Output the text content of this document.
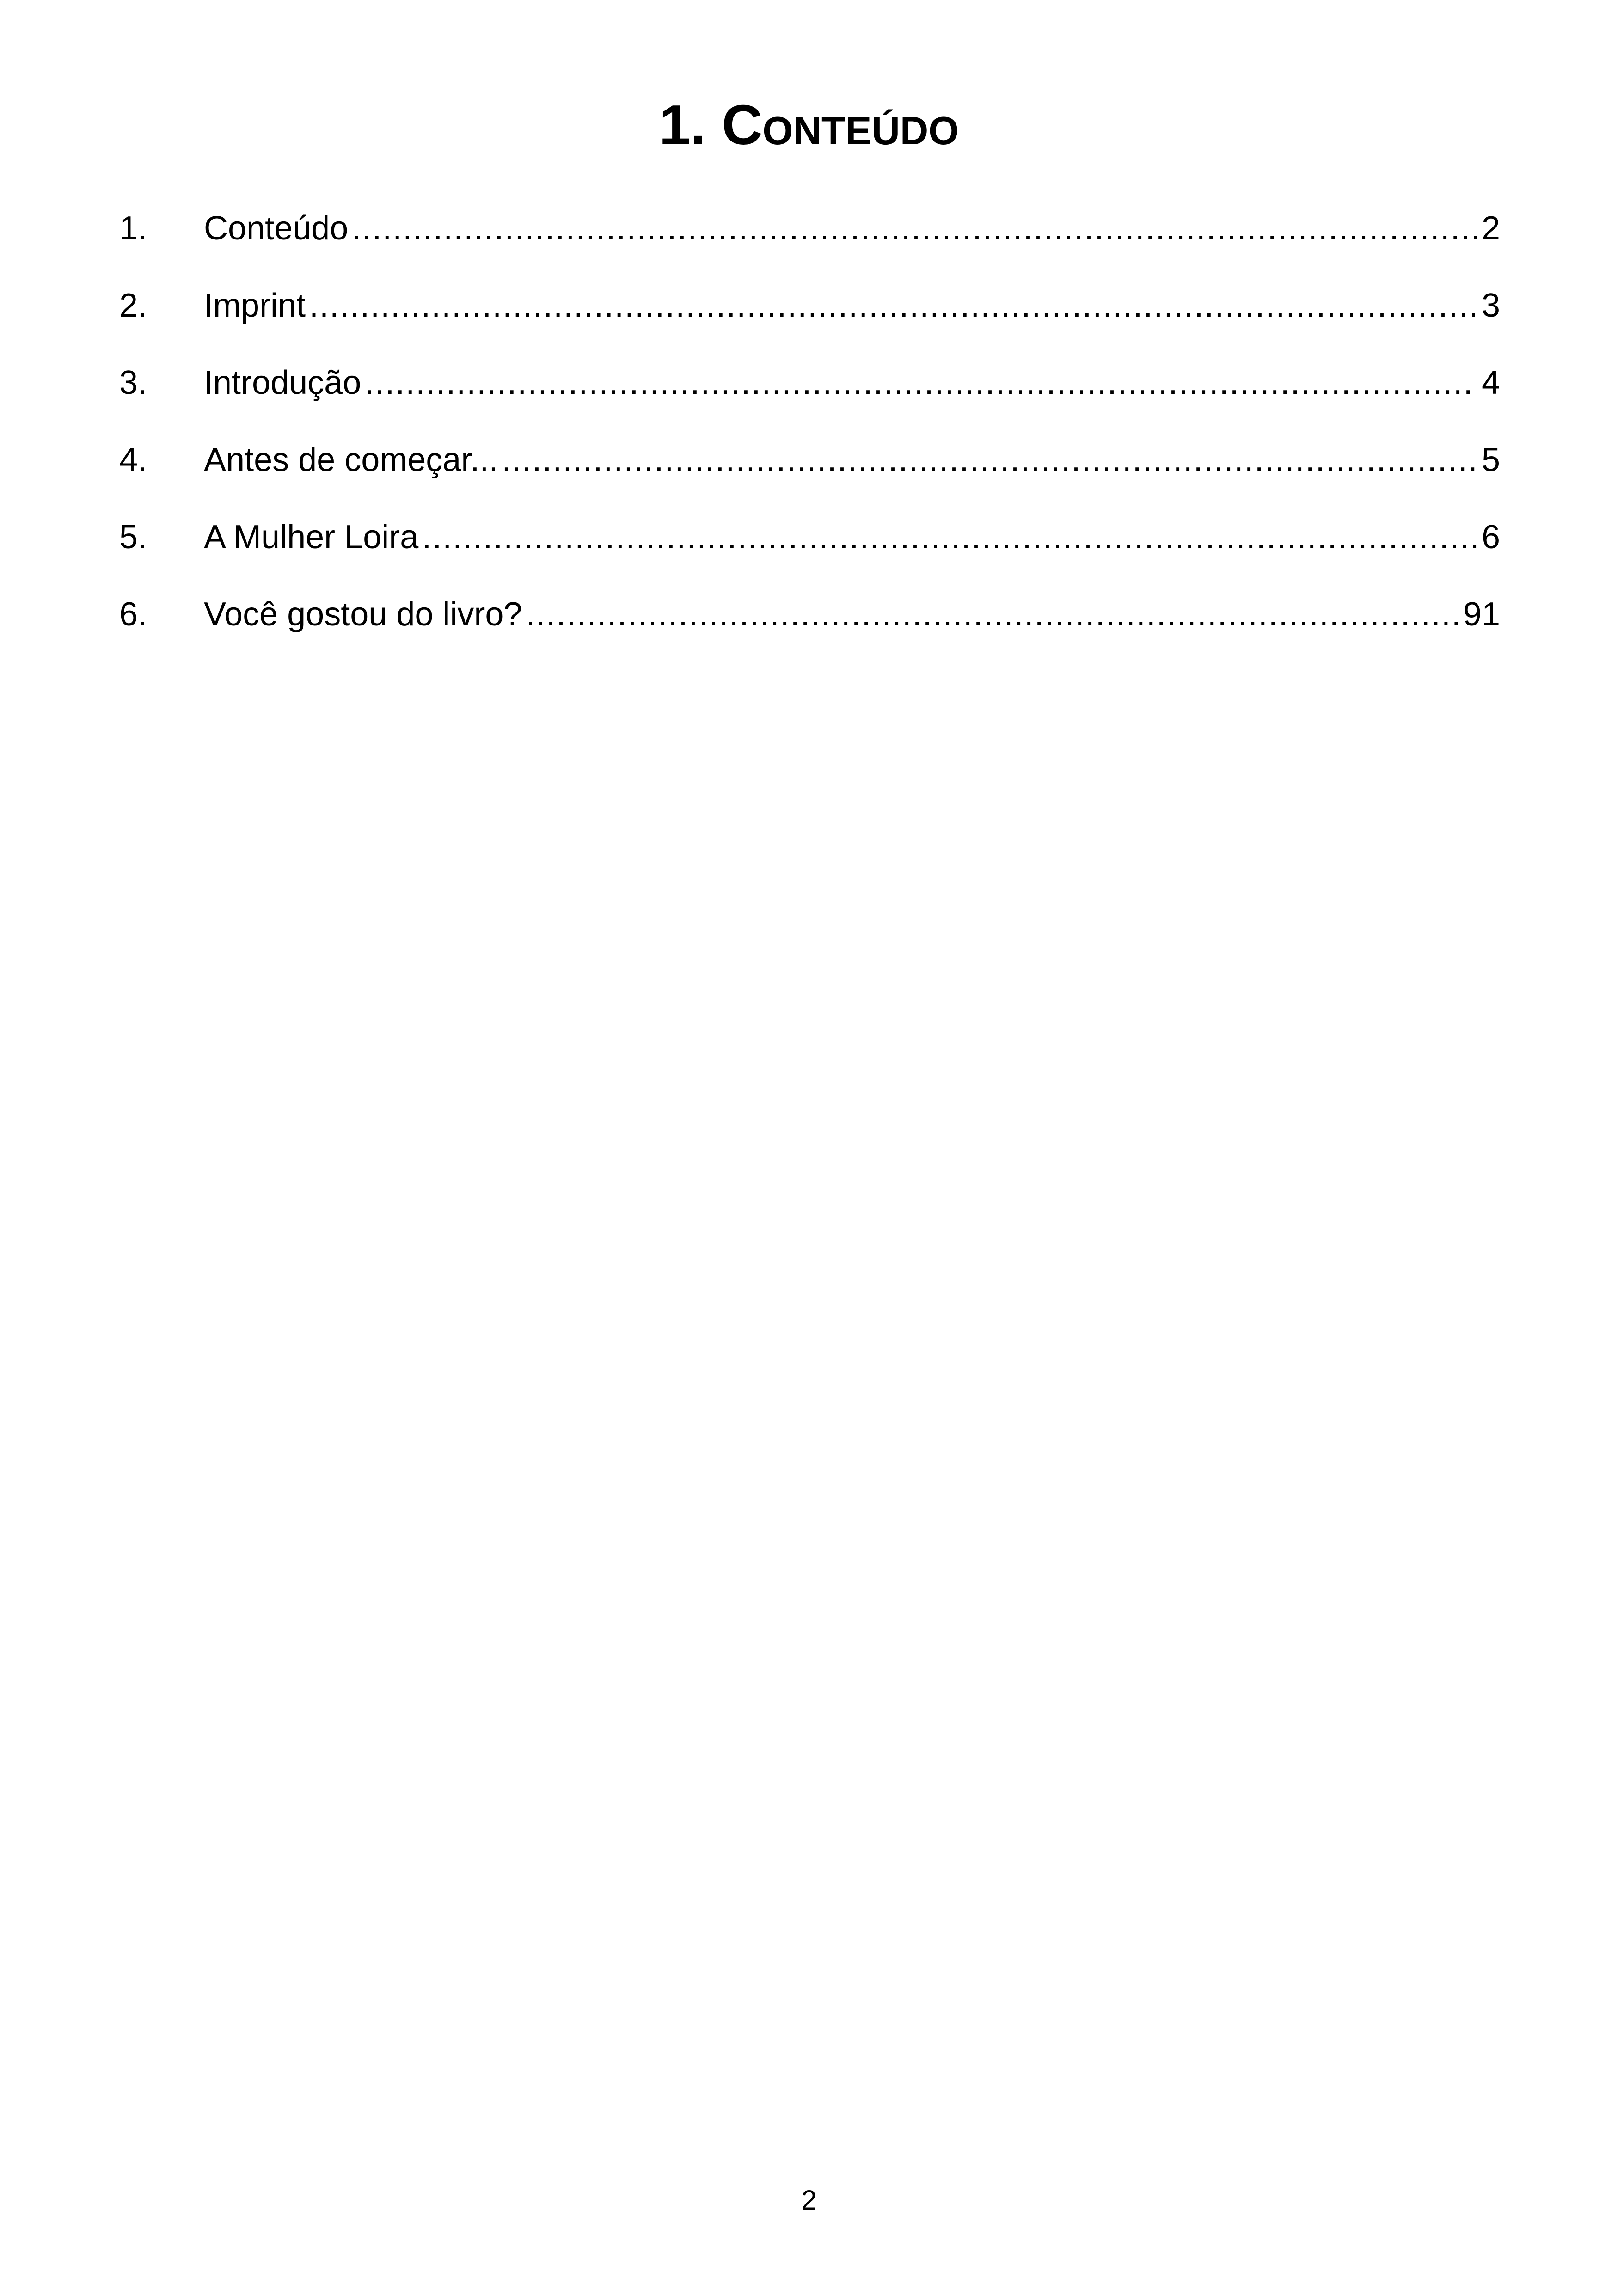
1. Conteúdo
1.	Conteúdo .....	2
2.	Imprint .....	3
3.	Introdução .....	4
4.	Antes de começar... .....	5
5.	A Mulher Loira .....	6
6.	Você gostou do livro? .....	91
2
